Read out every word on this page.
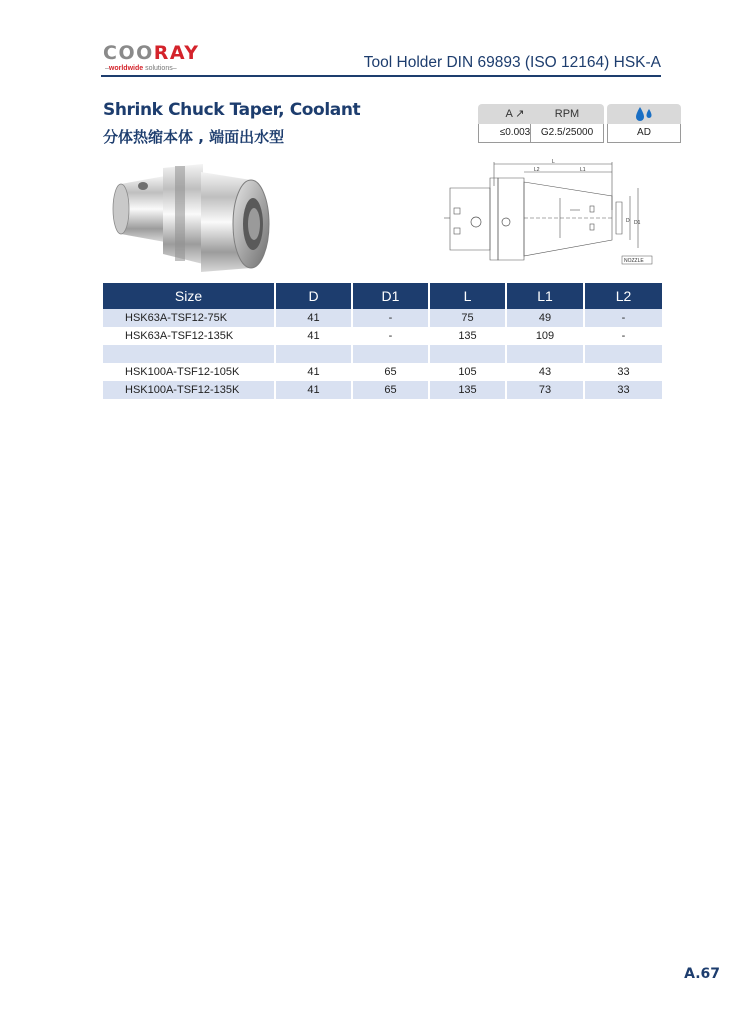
COORAY
–worldwide solutions–	Tool Holder DIN 69893 (ISO 12164) HSK-A
Shrink Chuck Taper, Coolant
分体热缩本体 , 端面出水型
A ↗
≤0.003
RPM
G2.5/25000	AD
L
L2	L1
D D1
NOZZLE
Size	D	D1	L	L1	L2
HSK63A-TSF12-75K	41	-	75	49	-
HSK63A-TSF12-135K	41	-	135	109	-

HSK100A-TSF12-105K	41	65	105	43	33
HSK100A-TSF12-135K	41	65	135	73	33
A.67
